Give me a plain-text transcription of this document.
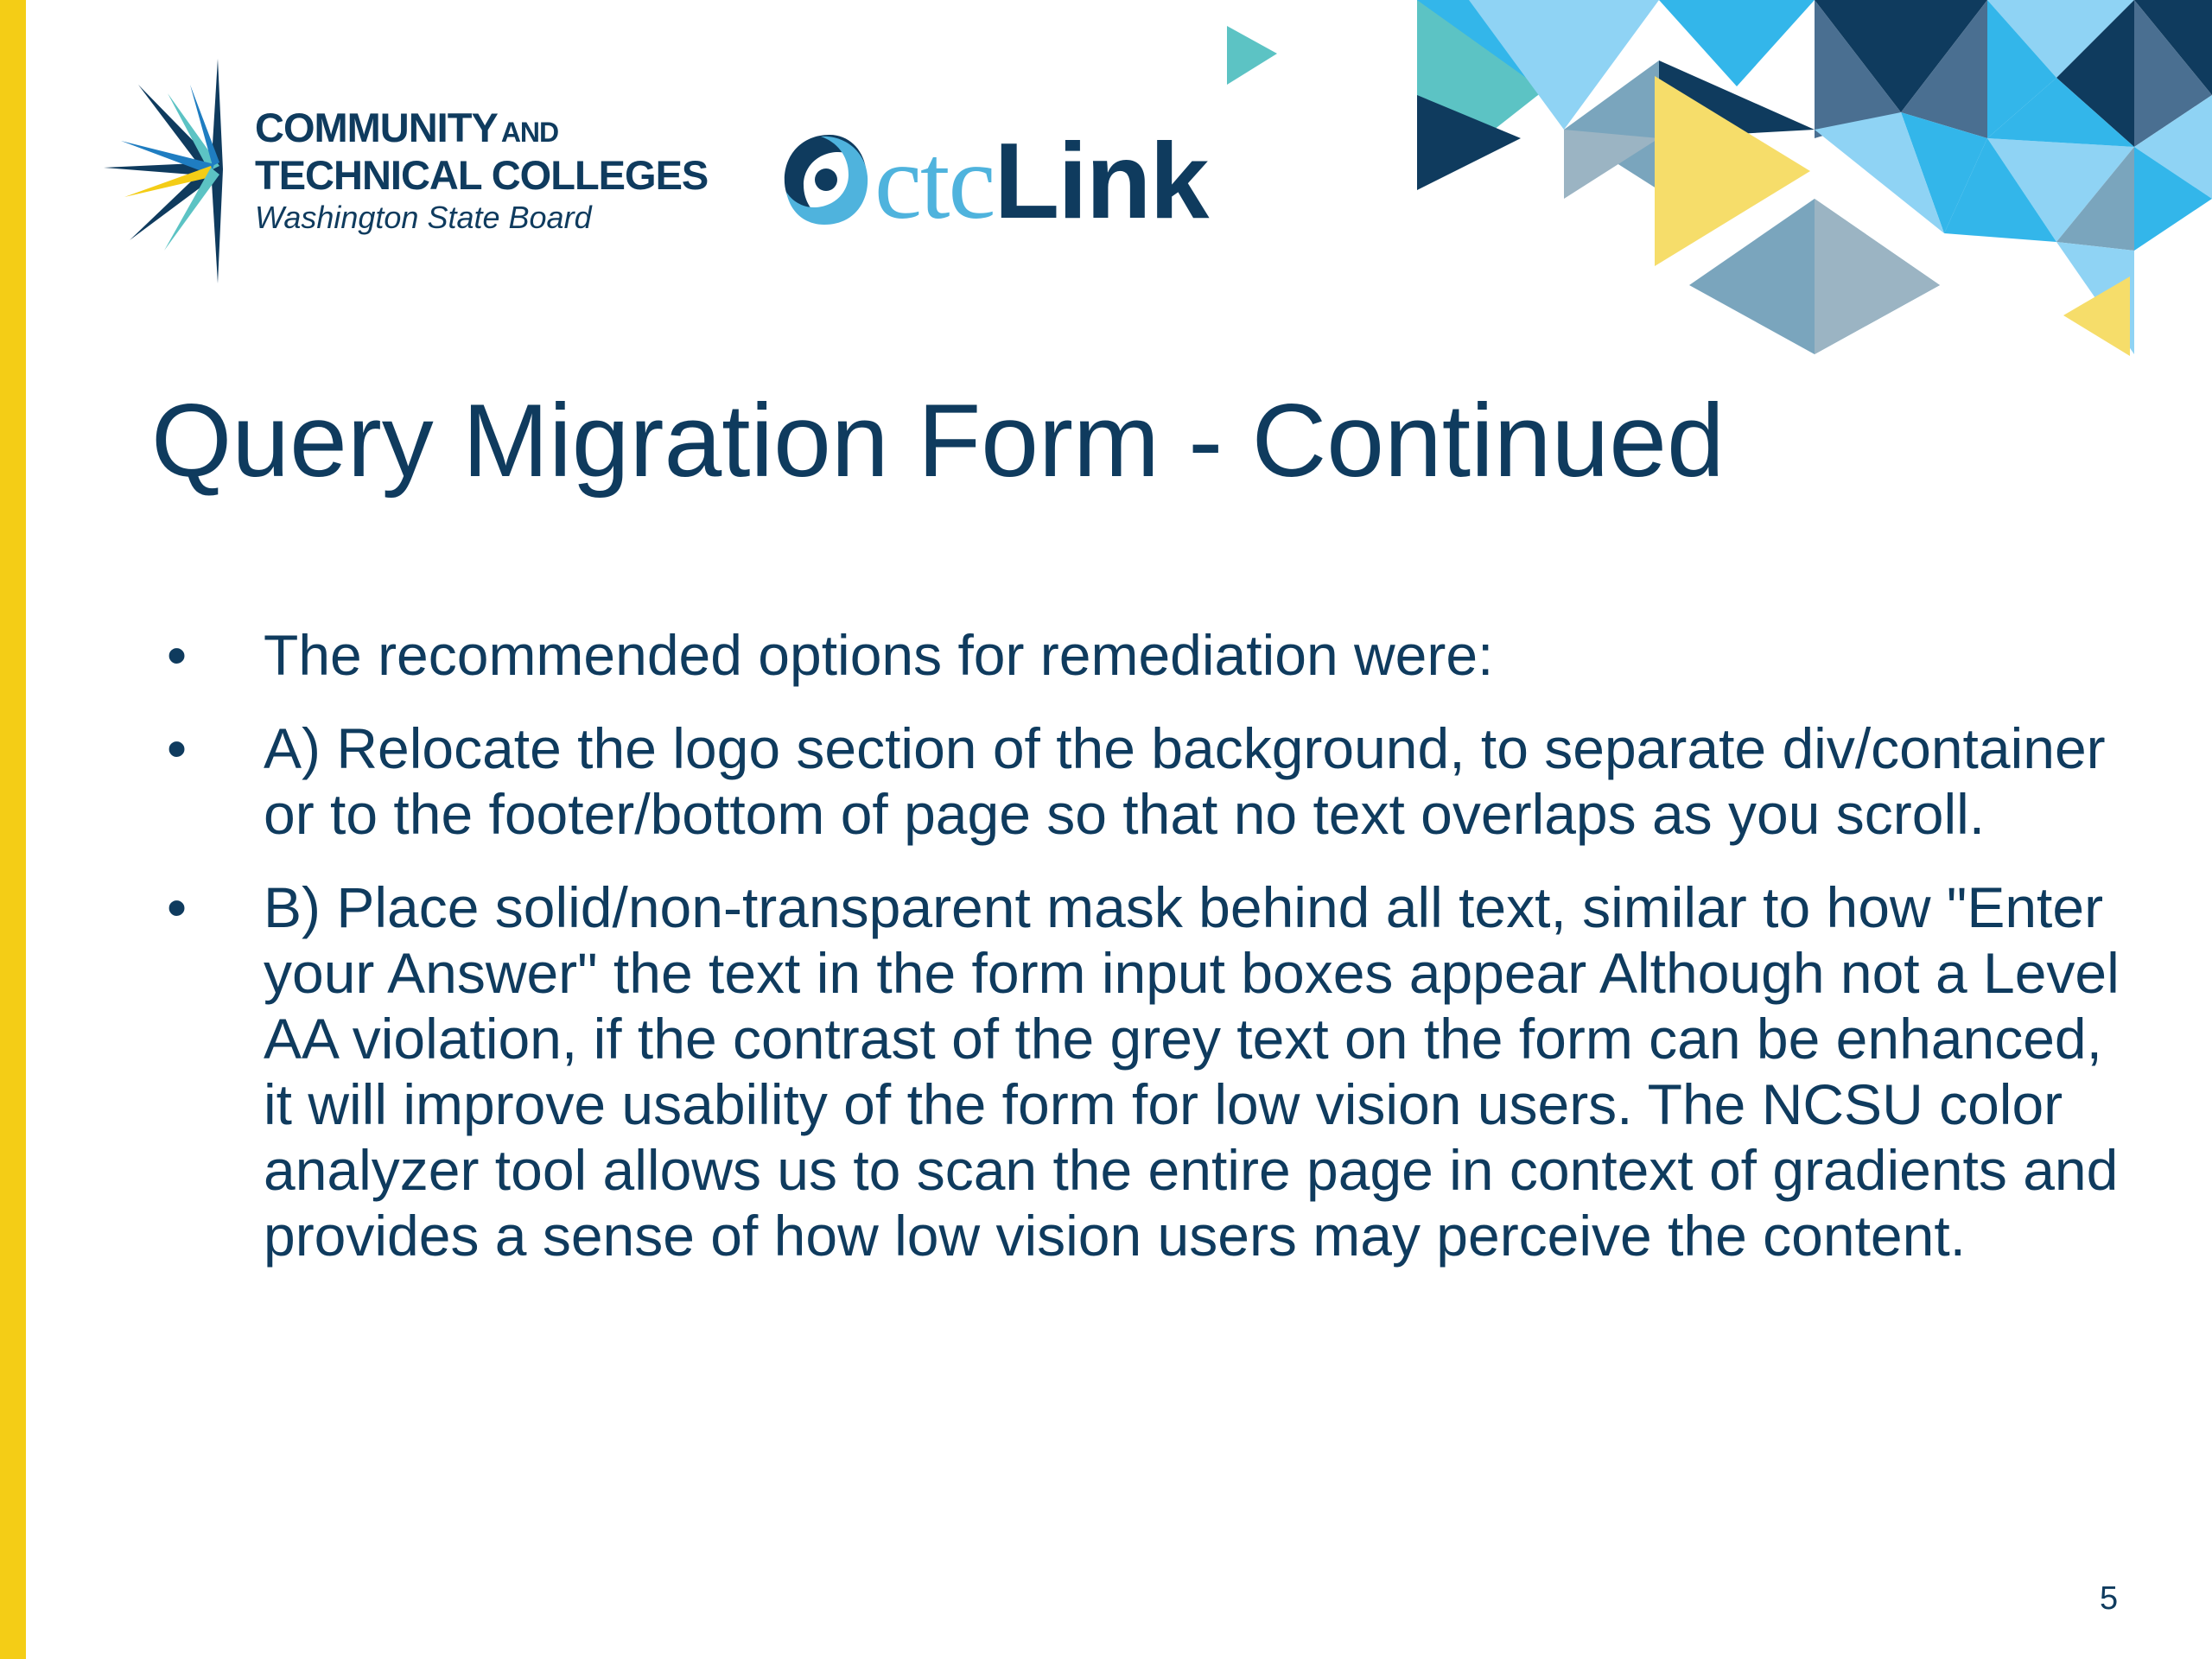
COMMUNITY AND
TECHNICAL COLLEGES
Washington State Board	ctcLink
Query Migration Form - Continued
• The recommended options for remediation were:
• A) Relocate the logo section of the background, to separate div/container or to the footer/bottom of page so that no text overlaps as you scroll.
• B) Place solid/non-transparent mask behind all text, similar to how "Enter your Answer" the text in the form input boxes appear Although not a Level AA violation, if the contrast of the grey text on the form can be enhanced, it will improve usability of the form for low vision users. The NCSU color analyzer tool allows us to scan the entire page in context of gradients and provides a sense of how low vision users may perceive the content.
5
